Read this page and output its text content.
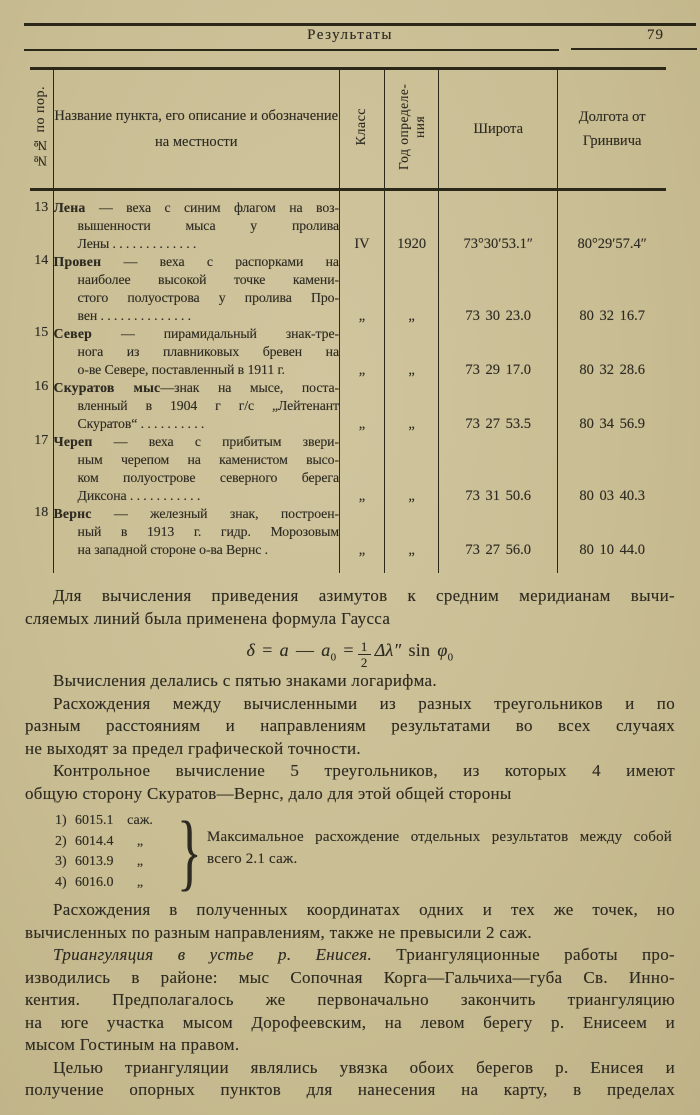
Результаты	79
№№ по пор.	Название пункта, его описание и обозначение на местности	Класс	Год определе-ния	Широта	Долгота от Гринвича
13	Лена — веха с синим флагом на воз-
вышенности мыса у пролива
Лены . . . . . . . . . . . . .	IV	1920	73°30′53.1″	80°29′57.4″
14	Провен — веха с распорками на
наиболее высокой точке камени-
стого полуострова у пролива Про-
вен . . . . . . . . . . . . . .	„	„	73 30 23.0	80 32 16.7
15	Север — пирамидальный знак-тре-
нога из плавниковых бревен на
о-ве Севере, поставленный в 1911 г.	„	„	73 29 17.0	80 32 28.6
16	Скуратов мыс—знак на мысе, поста-
вленный в 1904 г г/с „Лейтенант
Скуратов“ . . . . . . . . . .	„	„	73 27 53.5	80 34 56.9
17	Череп — веха с прибитым звери-
ным черепом на каменистом высо-
ком полуострове северного берега
Диксона . . . . . . . . . . .	„	„	73 31 50.6	80 03 40.3
18	Вернс — железный знак, построен-
ный в 1913 г. гидр. Морозовым
на западной стороне о-ва Вернс .	„	„	73 27 56.0	80 10 44.0

Для вычисления приведения азимутов к средним меридианам вычи-
сляемых линий была применена формула Гаусса
δ = a — $a_0 = \frac{1}{2} \Delta\lambda''$ $\sin \varphi_0$
Вычисления делались с пятью знаками логарифма.
Расхождения между вычисленными из разных треугольников и по
разным расстояниям и направлениям результатами во всех случаях
не выходят за предел графической точности.
Контрольное вычисление 5 треугольников, из которых 4 имеют
общую сторону Скуратов—Вернс, дало для этой общей стороны
1) 6015.1 саж.
2) 6014.4 „
3) 6013.9 „
4) 6016.0 „ } Максимальное расхождение отдельных результатов между собой
всего 2.1 саж.
Расхождения в полученных координатах одних и тех же точек, но
вычисленных по разным направлениям, также не превысили 2 саж.
Триангуляция в устье р. Енисея. Триангуляционные работы про-
изводились в районе: мыс Сопочная Корга—Гальчиха—губа Св. Инно-
кентия. Предполагалось же первоначально закончить триангуляцию
на юге участка мысом Дорофеевским, на левом берегу р. Енисеем и
мысом Гостиным на правом.
Целью триангуляции являлись увязка обоих берегов р. Енисея и
получение опорных пунктов для нанесения на карту, в пределах
